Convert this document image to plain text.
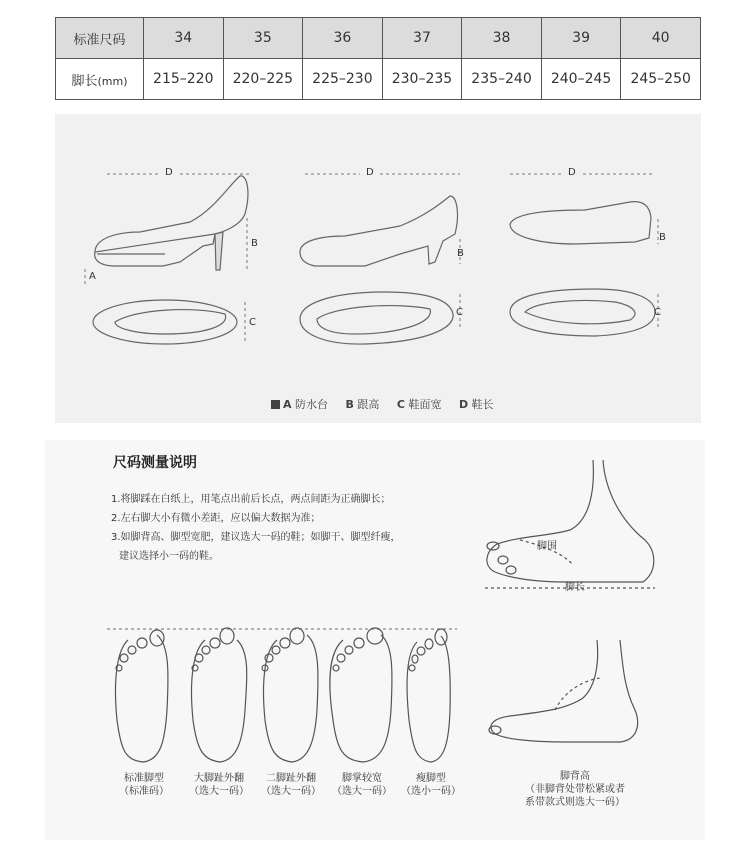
标准尺码	34	35	36	37	38	39	40
脚长(mm)	215–220	220–225	225–230	230–235	235–240	240–245	245–250
D	D	D
B
B
B
A
C
C	C
A 防水台 B 跟高 C 鞋面宽 D 鞋长
尺码测量说明
1.将脚踩在白纸上，用笔点出前后长点，两点间距为正确脚长；
2.左右脚大小有微小差距，应以偏大数据为准；
3.如脚背高、脚型宽肥，建议选大一码的鞋；如脚干、脚型纤瘦，
建议选择小一码的鞋。
脚围
脚长
标准脚型
（标准码）
大脚趾外翻
（选大一码）
二脚趾外翻
（选大一码）
脚掌较宽
（选大一码）
瘦脚型
（选小一码）
脚背高
（非脚背处带松紧或者
系带款式则选大一码）
